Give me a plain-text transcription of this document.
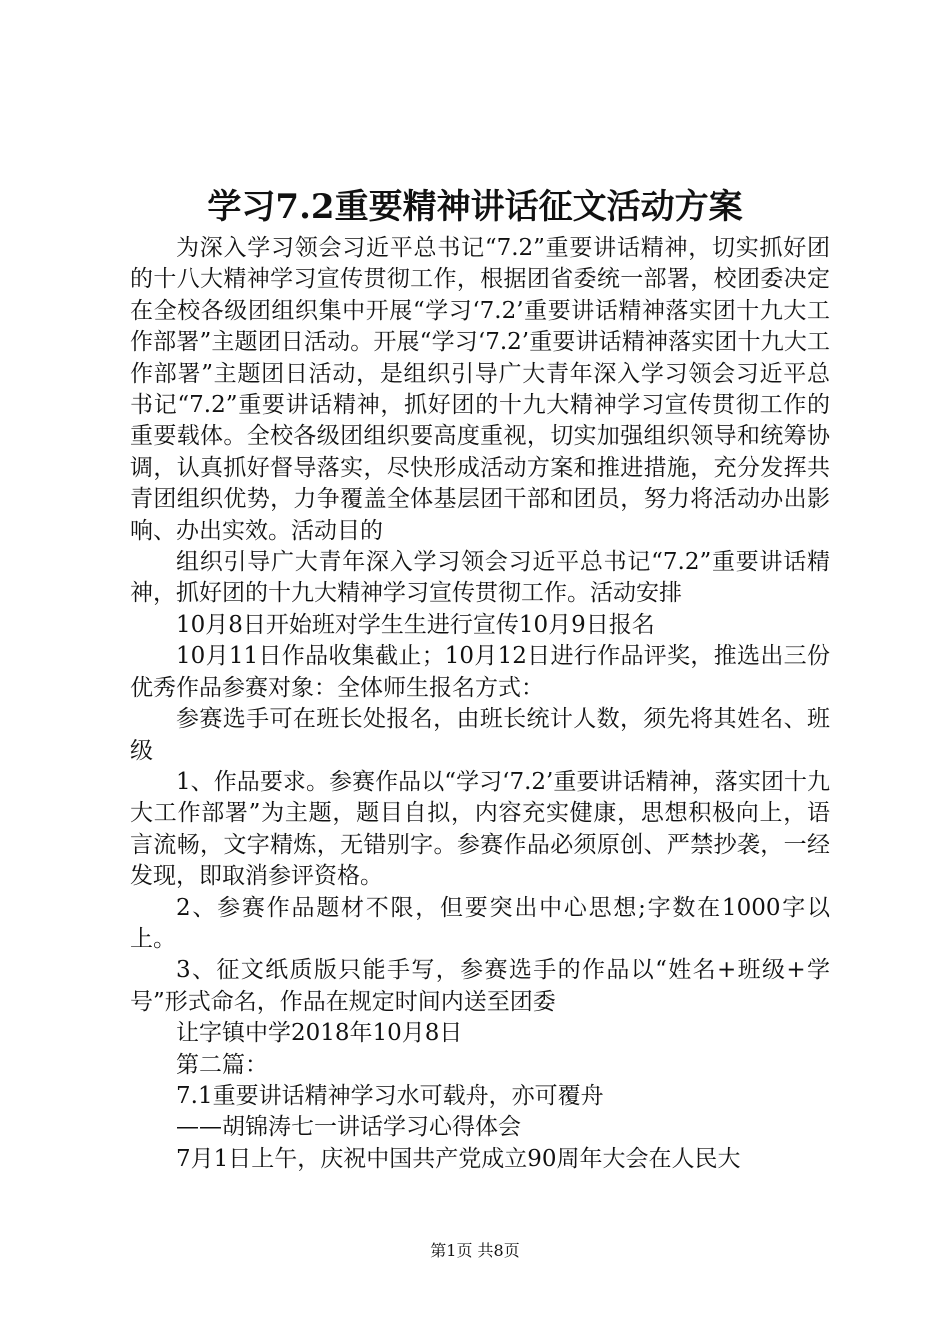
学习7.2重要精神讲话征文活动方案

为深入学习领会习近平总书记“7.2”重要讲话精神，切实抓好团的十八大精神学习宣传贯彻工作，根据团省委统一部署，校团委决定在全校各级团组织集中开展“学习‘7.2’重要讲话精神落实团十九大工作部署”主题团日活动。开展“学习‘7.2’重要讲话精神落实团十九大工作部署”主题团日活动，是组织引导广大青年深入学习领会习近平总书记“7.2”重要讲话精神，抓好团的十九大精神学习宣传贯彻工作的重要载体。全校各级团组织要高度重视，切实加强组织领导和统筹协调，认真抓好督导落实，尽快形成活动方案和推进措施，充分发挥共青团组织优势，力争覆盖全体基层团干部和团员，努力将活动办出影响、办出实效。活动目的

组织引导广大青年深入学习领会习近平总书记“7.2”重要讲话精神，抓好团的十九大精神学习宣传贯彻工作。活动安排

10月8日开始班对学生生进行宣传10月9日报名

10月11日作品收集截止；10月12日进行作品评奖，推选出三份优秀作品参赛对象：全体师生报名方式：

参赛选手可在班长处报名，由班长统计人数，须先将其姓名、班级

1、作品要求。参赛作品以“学习‘7.2’重要讲话精神，落实团十九大工作部署”为主题，题目自拟，内容充实健康，思想积极向上，语言流畅，文字精炼，无错别字。参赛作品必须原创、严禁抄袭，一经发现，即取消参评资格。

2、参赛作品题材不限，但要突出中心思想;字数在1000字以上。

3、征文纸质版只能手写，参赛选手的作品以“姓名+班级+学号”形式命名，作品在规定时间内送至团委

让字镇中学2018年10月8日

第二篇：

7.1重要讲话精神学习水可载舟，亦可覆舟

——胡锦涛七一讲话学习心得体会

7月1日上午，庆祝中国共产党成立90周年大会在人民大

第1页 共8页
